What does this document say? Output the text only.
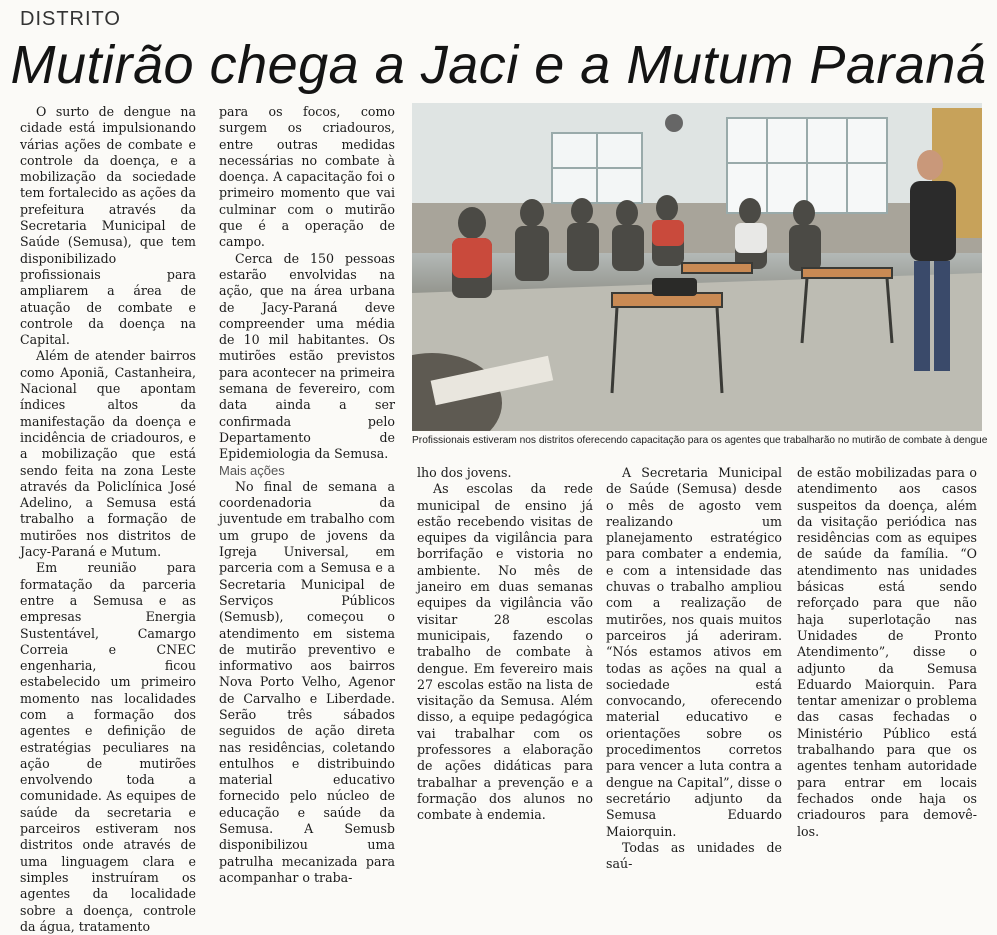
DISTRITO
Mutirão chega a Jaci e a Mutum Paraná

O surto de dengue na cidade está impulsionando várias ações de combate e controle da doença, e a mobilização da sociedade tem fortalecido as ações da prefeitura através da Secretaria Municipal de Saúde (Semusa), que tem disponibilizado profissionais para ampliarem a área de atuação de combate e controle da doença na Capital.

Além de atender bairros como Aponiã, Castanheira, Nacional que apontam índices altos da manifestação da doença e incidência de criadouros, e a mobilização que está sendo feita na zona Leste através da Policlínica José Adelino, a Semusa está trabalho a formação de mutirões nos distritos de Jacy-Paraná e Mutum.

Em reunião para formatação da parceria entre a Semusa e as empresas Energia Sustentável, Camargo Correia e CNEC engenharia, ficou estabelecido um primeiro momento nas localidades com a formação dos agentes e definição de estratégias peculiares na ação de mutirões envolvendo toda a comunidade. As equipes de saúde da secretaria e parceiros estiveram nos distritos onde através de uma linguagem clara e simples instruíram os agentes da localidade sobre a doença, controle da água, tratamento

para os focos, como surgem os criadouros, entre outras medidas necessárias no combate à doença. A capacitação foi o primeiro momento que vai culminar com o mutirão que é a operação de campo.

Cerca de 150 pessoas estarão envolvidas na ação, que na área urbana de Jacy-Paraná deve compreender uma média de 10 mil habitantes. Os mutirões estão previstos para acontecer na primeira semana de fevereiro, com data ainda a ser confirmada pelo Departamento de Epidemiologia da Semusa.

Mais ações

No final de semana a coordenadoria da juventude em trabalho com um grupo de jovens da Igreja Universal, em parceria com a Semusa e a Secretaria Municipal de Serviços Públicos (Semusb), começou o atendimento em sistema de mutirão preventivo e informativo aos bairros Nova Porto Velho, Agenor de Carvalho e Liberdade. Serão três sábados seguidos de ação direta nas residências, coletando entulhos e distribuindo material educativo fornecido pelo núcleo de educação e saúde da Semusa. A Semusb disponibilizou uma patrulha mecanizada para acompanhar o traba-

Profissionais estiveram nos distritos oferecendo capacitação para os agentes que trabalharão no mutirão de combate à dengue

lho dos jovens.

As escolas da rede municipal de ensino já estão recebendo visitas de equipes da vigilância para borrifação e vistoria no ambiente. No mês de janeiro em duas semanas equipes da vigilância vão visitar 28 escolas municipais, fazendo o trabalho de combate à dengue. Em fevereiro mais 27 escolas estão na lista de visitação da Semusa. Além disso, a equipe pedagógica vai trabalhar com os professores a elaboração de ações didáticas para trabalhar a prevenção e a formação dos alunos no combate à endemia.

A Secretaria Municipal de Saúde (Semusa) desde o mês de agosto vem realizando um planejamento estratégico para combater a endemia, e com a intensidade das chuvas o trabalho ampliou com a realização de mutirões, nos quais muitos parceiros já aderiram. “Nós estamos ativos em todas as ações na qual a sociedade está convocando, oferecendo material educativo e orientações sobre os procedimentos corretos para vencer a luta contra a dengue na Capital”, disse o secretário adjunto da Semusa Eduardo Maiorquin.

Todas as unidades de saú-

de estão mobilizadas para o atendimento aos casos suspeitos da doença, além da visitação periódica nas residências com as equipes de saúde da família. “O atendimento nas unidades básicas está sendo reforçado para que não haja superlotação nas Unidades de Pronto Atendimento”, disse o adjunto da Semusa Eduardo Maiorquin. Para tentar amenizar o problema das casas fechadas o Ministério Público está trabalhando para que os agentes tenham autoridade para entrar em locais fechados onde haja os criadouros para demovê-los.
